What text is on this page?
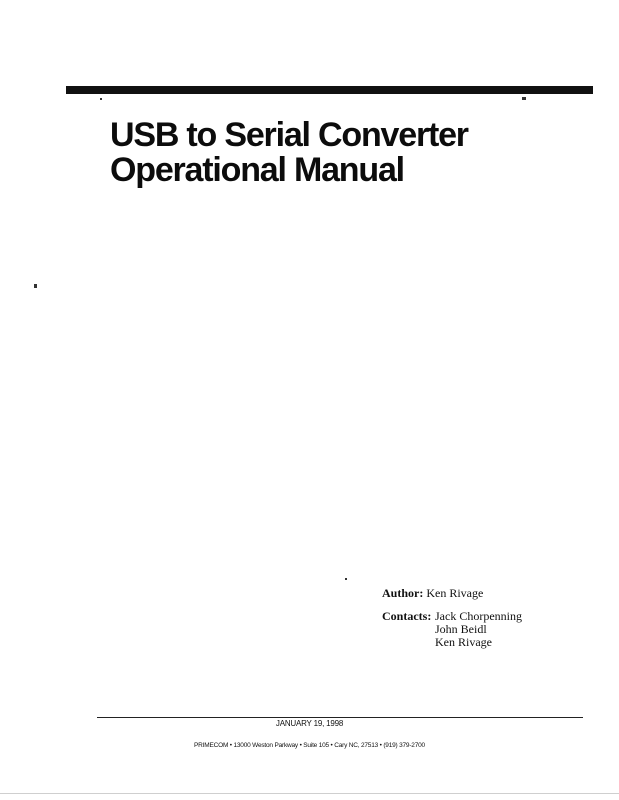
USB to Serial Converter
Operational Manual
Author: Ken Rivage
Contacts: Jack Chorpenning
John Beidl
Ken Rivage
JANUARY 19, 1998
PRIMECOM • 13000 Weston Parkway • Suite 105 • Cary NC, 27513 • (919) 379-2700
